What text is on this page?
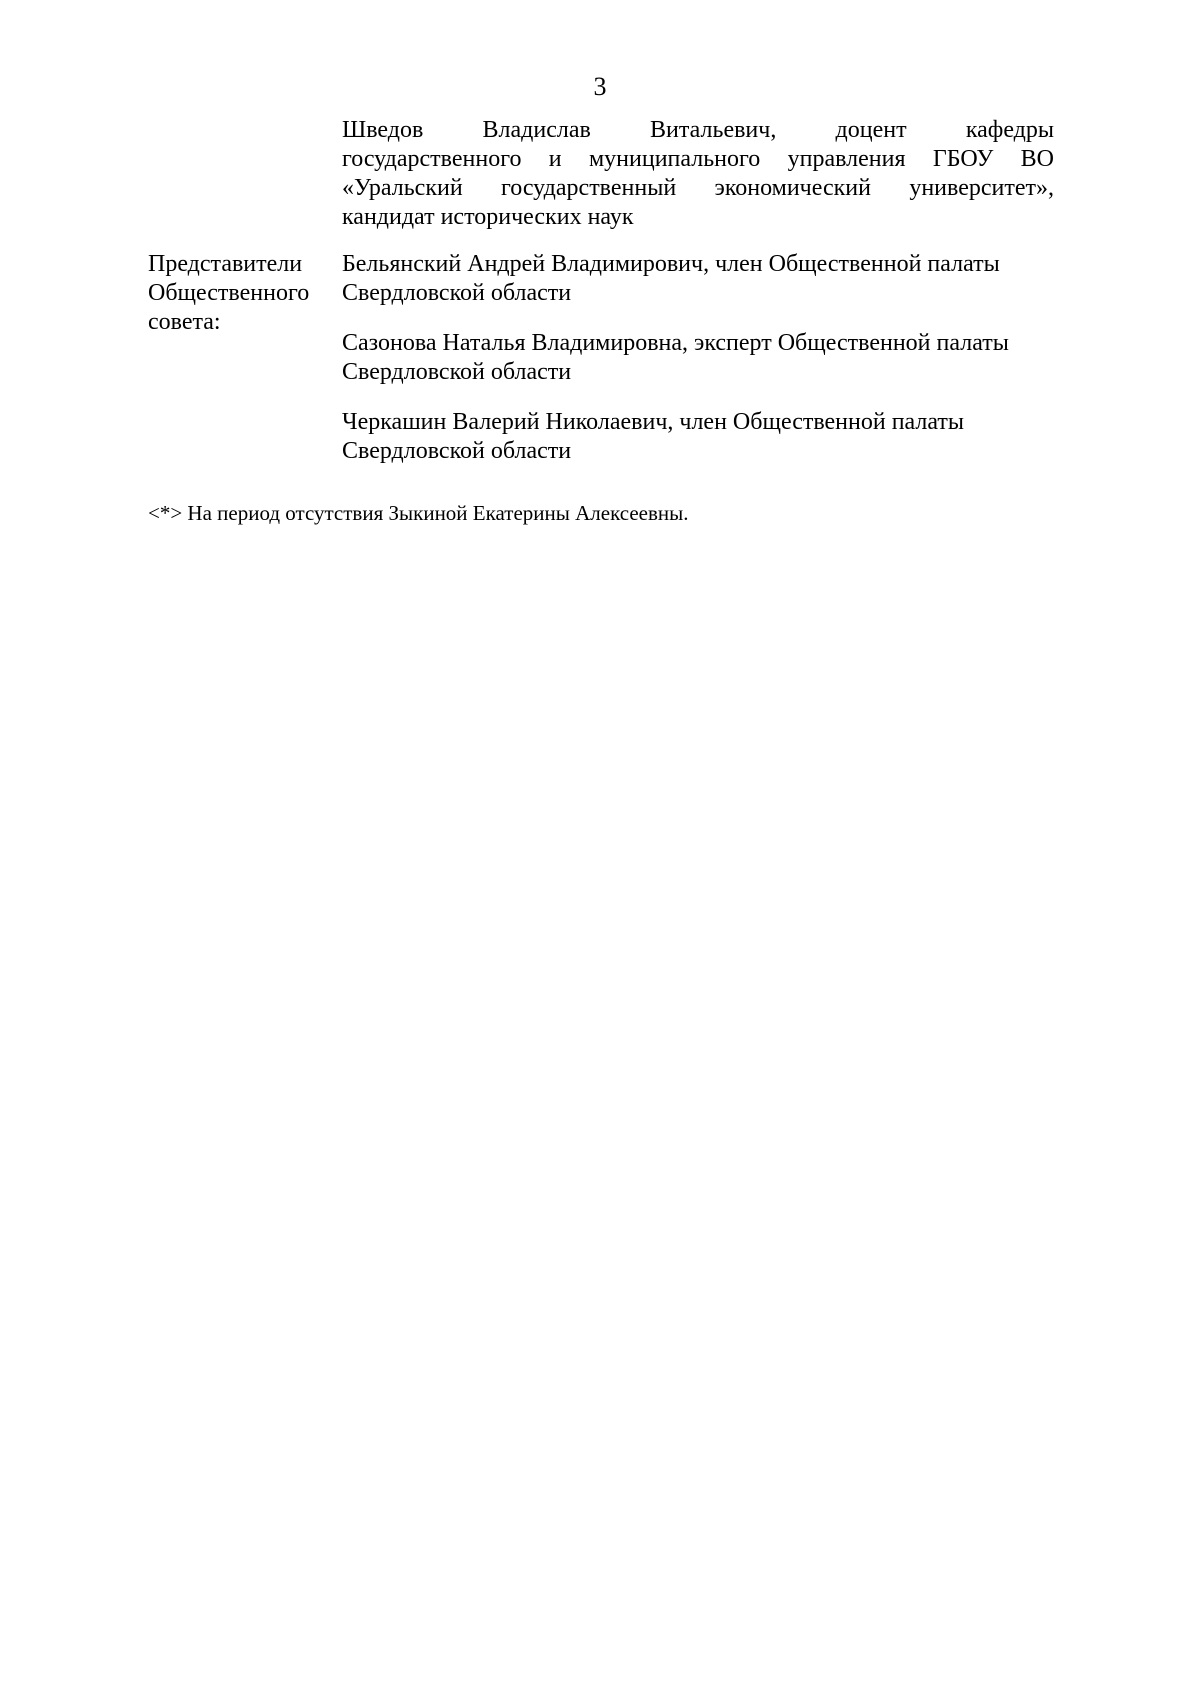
3
Шведов Владислав Витальевич, доцент кафедры
государственного и муниципального управления ГБОУ ВО
«Уральский государственный экономический университет»,
кандидат исторических наук
Представители
Общественного
совета:
Бельянский Андрей Владимирович, член Общественной палаты
Свердловской области
Сазонова Наталья Владимировна, эксперт Общественной палаты
Свердловской области
Черкашин Валерий Николаевич, член Общественной палаты
Свердловской области
<*> На период отсутствия Зыкиной Екатерины Алексеевны.
